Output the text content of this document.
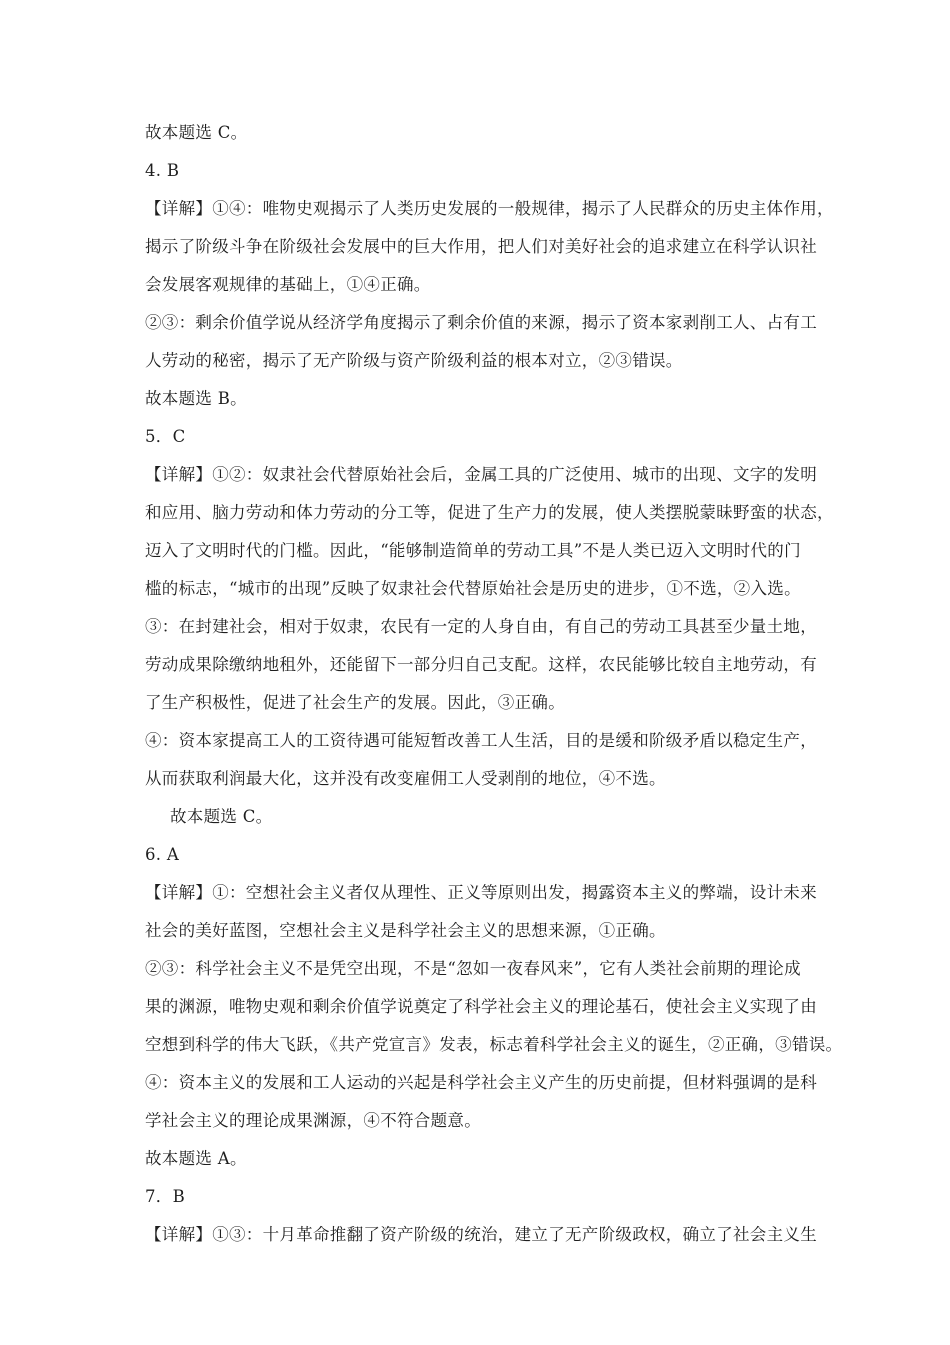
故本题选 C。
4. B
【详解】①④：唯物史观揭示了人类历史发展的一般规律，揭示了人民群众的历史主体作用，
揭示了阶级斗争在阶级社会发展中的巨大作用，把人们对美好社会的追求建立在科学认识社
会发展客观规律的基础上，①④正确。
②③：剩余价值学说从经济学角度揭示了剩余价值的来源，揭示了资本家剥削工人、占有工
人劳动的秘密，揭示了无产阶级与资产阶级利益的根本对立，②③错误。
故本题选 B。
5．C
【详解】①②：奴隶社会代替原始社会后，金属工具的广泛使用、城市的出现、文字的发明
和应用、脑力劳动和体力劳动的分工等，促进了生产力的发展，使人类摆脱蒙昧野蛮的状态，
迈入了文明时代的门槛。因此，“能够制造简单的劳动工具”不是人类已迈入文明时代的门
槛的标志，“城市的出现”反映了奴隶社会代替原始社会是历史的进步，①不选，②入选。
③：在封建社会，相对于奴隶，农民有一定的人身自由，有自己的劳动工具甚至少量土地，
劳动成果除缴纳地租外，还能留下一部分归自己支配。这样，农民能够比较自主地劳动，有
了生产积极性，促进了社会生产的发展。因此，③正确。
④：资本家提高工人的工资待遇可能短暂改善工人生活，目的是缓和阶级矛盾以稳定生产，
从而获取利润最大化，这并没有改变雇佣工人受剥削的地位，④不选。
故本题选 C。
6. A
【详解】①：空想社会主义者仅从理性、正义等原则出发，揭露资本主义的弊端，设计未来
社会的美好蓝图，空想社会主义是科学社会主义的思想来源，①正确。
②③：科学社会主义不是凭空出现，不是“忽如一夜春风来”，它有人类社会前期的理论成
果的渊源，唯物史观和剩余价值学说奠定了科学社会主义的理论基石，使社会主义实现了由
空想到科学的伟大飞跃，《共产党宣言》发表，标志着科学社会主义的诞生，②正确，③错误。
④：资本主义的发展和工人运动的兴起是科学社会主义产生的历史前提，但材料强调的是科
学社会主义的理论成果渊源，④不符合题意。
故本题选 A。
7．B
【详解】①③：十月革命推翻了资产阶级的统治，建立了无产阶级政权，确立了社会主义生
